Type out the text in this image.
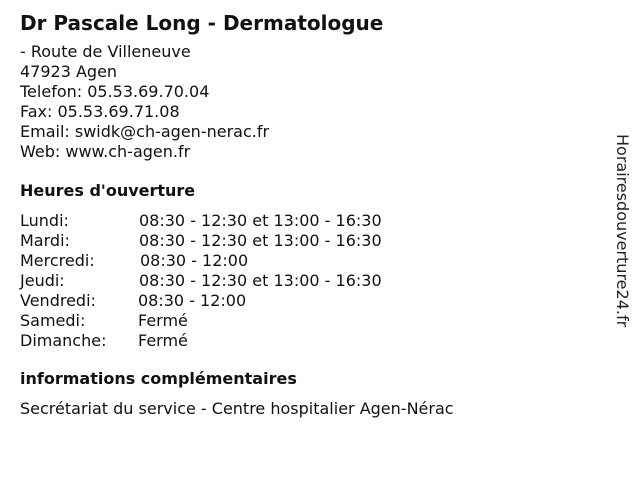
Dr Pascale Long - Dermatologue
- Route de Villeneuve
47923 Agen
Telefon: 05.53.69.70.04
Fax: 05.53.69.71.08
Email: swidk@ch-agen-nerac.fr
Web: www.ch-agen.fr
Heures d'ouverture
Lundi:	08:30 - 12:30 et 13:00 - 16:30
Mardi:	08:30 - 12:30 et 13:00 - 16:30
Mercredi:	08:30 - 12:00
Jeudi:	08:30 - 12:30 et 13:00 - 16:30
Vendredi:	08:30 - 12:00
Samedi:	Fermé
Dimanche: Fermé
informations complémentaires
Secrétariat du service - Centre hospitalier Agen-Nérac
Horairesdouverture24.fr
